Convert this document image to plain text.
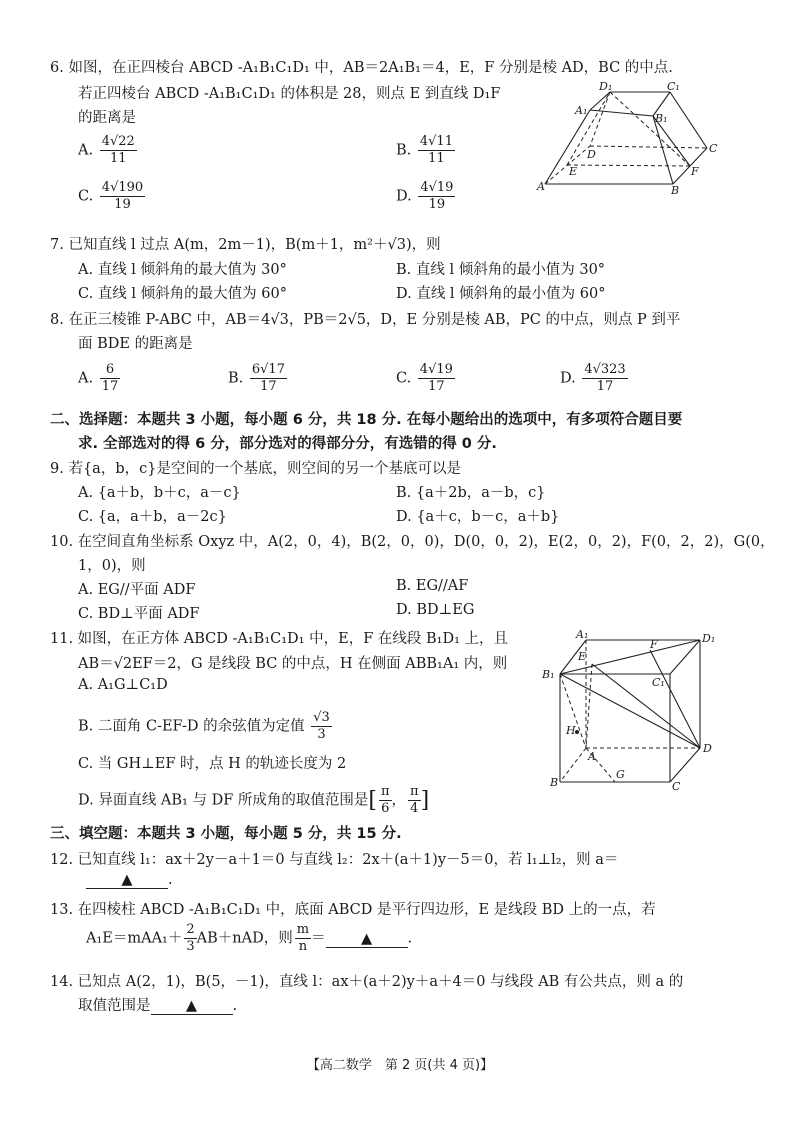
6. 如图，在正四棱台 ABCD -A₁B₁C₁D₁ 中，AB＝2A₁B₁＝4，E，F 分别是棱 AD，BC 的中点.
若正四棱台 ABCD -A₁B₁C₁D₁ 的体积是 28，则点 E 到直线 D₁F
的距离是
A. $\frac{4√22}{11}$	B. $\frac{4√11}{11}$
C. $\frac{4√190}{19}$	D. $\frac{4√19}{19}$
D₁	C₁
A₁
B₁
D	C
A	B
E	F
7. 已知直线 l 过点 A(m，2m－1)，B(m＋1，m²＋√3)，则
A. 直线 l 倾斜角的最大值为 30°	B. 直线 l 倾斜角的最小值为 30°
C. 直线 l 倾斜角的最大值为 60°	D. 直线 l 倾斜角的最小值为 60°
8. 在正三棱锥 P-ABC 中，AB＝4√3，PB＝2√5，D，E 分别是棱 AB，PC 的中点，则点 P 到平
面 BDE 的距离是
A. $\frac{6}{17}$	B. $\frac{6√17}{17}$	C. $\frac{4√19}{17}$	D. $\frac{4√323}{17}$
二、选择题：本题共 3 小题，每小题 6 分，共 18 分. 在每小题给出的选项中，有多项符合题目要
求. 全部选对的得 6 分，部分选对的得部分分，有选错的得 0 分.
9. 若{a，b，c}是空间的一个基底，则空间的另一个基底可以是
A. {a＋b，b＋c，a－c}	B. {a＋2b，a－b，c}
C. {a，a＋b，a－2c}	D. {a＋c，b－c，a＋b}
10. 在空间直角坐标系 Oxyz 中，A(2，0，4)，B(2，0，0)，D(0，0，2)，E(2，0，2)，F(0，2，2)，G(0，
1，0)，则
A. EG//平面 ADF	B. EG//AF
C. BD⊥平面 ADF	D. BD⊥EG
11. 如图，在正方体 ABCD -A₁B₁C₁D₁ 中，E，F 在线段 B₁D₁ 上，且
AB＝√2EF＝2，G 是线段 BC 的中点，H 在侧面 ABB₁A₁ 内，则
A. A₁G⊥C₁D
B. 二面角 C-EF-D 的余弦值为定值 $\frac{√3}{3}$
C. 当 GH⊥EF 时，点 H 的轨迹长度为 2
D. 异面直线 AB₁ 与 DF 所成角的取值范围是[ $\frac{\pi}{6}$ ， $\frac{\pi}{4}$ ]
A₁	D₁
B₁
C₁
E
F
H
D
A
B	C
G
三、填空题：本题共 3 小题，每小题 5 分，共 15 分.
12. 已知直线 l₁：ax＋2y－a＋1＝0 与直线 l₂：2x＋(a＋1)y－5＝0，若 l₁⊥l₂，则 a＝
▲ .
13. 在四棱柱 ABCD -A₁B₁C₁D₁ 中，底面 ABCD 是平行四边形，E 是线段 BD 上的一点，若
$A_1E=mAA_1+ \frac{2}{3} AB+nAD$，则 $\frac{m}{n}$ ＝ ▲ .
14. 已知点 A(2，1)，B(5，－1)，直线 l：ax＋(a＋2)y＋a＋4＝0 与线段 AB 有公共点，则 a 的
取值范围是 ▲ .
【高二数学　第 2 页(共 4 页)】
